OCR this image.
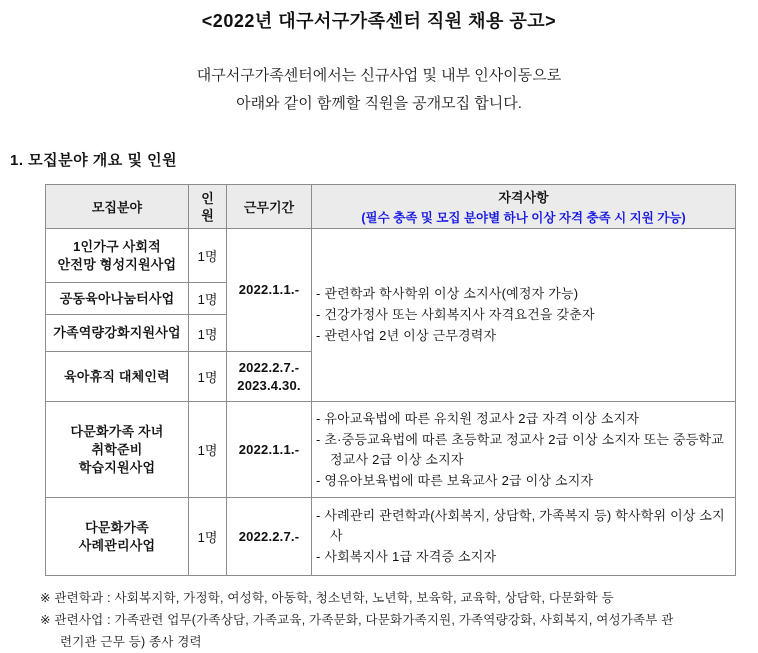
<2022년 대구서구가족센터 직원 채용 공고>

대구서구가족센터에서는 신규사업 및 내부 인사이동으로

아래와 같이 함께할 직원을 공개모집 합니다.

1. 모집분야 개요 및 인원
모집분야	인원	근무기간	자격사항
(필수 충족 및 모집 분야별 하나 이상 자격 충족 시 지원 가능)

1인가구 사회적
안전망 형성지원사업	1명	2022.1.1.-	- 관련학과 학사학위 이상 소지사(예정자 가능)
- 건강가정사 또는 사회복지사 자격요건을 갖춘자
- 관련사업 2년 이상 근무경력자

공동육아나눔터사업	1명		
가족역량강화지원사업	1명		
육아휴직 대체인력	1명	2022.2.7.-
2023.4.30.	

다문화가족 자녀
취학준비
학습지원사업
	1명	2022.1.1.-	
- 유아교육법에 따른 유치원 정교사 2급 자격 이상 소지자
- 초·중등교육법에 따른 초등학교 정교사 2급 이상 소지자 또는 중등학교 정교사 2급 이상 소지자
- 영유아보육법에 따른 보육교사 2급 이상 소지자

다문화가족
사례관리사업	1명	2022.2.7.-	
- 사례관리 관련학과(사회복지, 상담학, 가족복지 등) 학사학위 이상 소지사
- 사회복지사 1급 자격증 소지자

※ 관련학과 : 사회복지학, 가정학, 여성학, 아동학, 청소년학, 노년학, 보육학, 교육학, 상담학, 다문화학 등

※ 관련사업 : 가족관련 업무(가족상담, 가족교육, 가족문화, 다문화가족지원, 가족역량강화, 사회복지, 여성가족부 관

련기관 근무 등) 종사 경력
